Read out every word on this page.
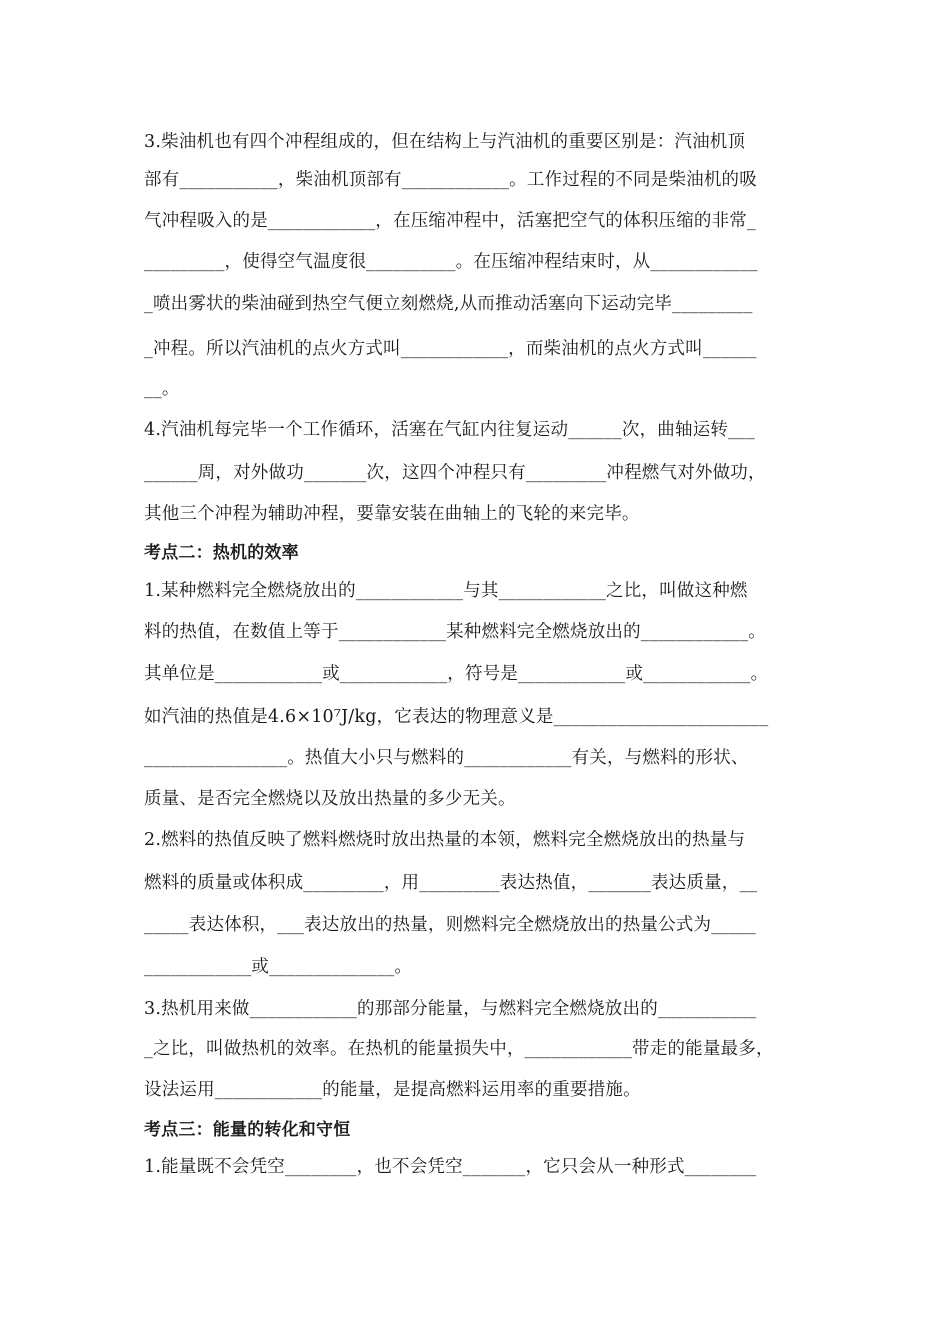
3.柴油机也有四个冲程组成的，但在结构上与汽油机的重要区别是：汽油机顶
部有___________，柴油机顶部有____________。工作过程的不同是柴油机的吸
气冲程吸入的是____________，在压缩冲程中，活塞把空气的体积压缩的非常_
_________，使得空气温度很__________。在压缩冲程结束时，从____________
_喷出雾状的柴油碰到热空气便立刻燃烧,从而推动活塞向下运动完毕_________
_冲程。所以汽油机的点火方式叫____________，而柴油机的点火方式叫______
__。
4.汽油机每完毕一个工作循环，活塞在气缸内往复运动______次，曲轴运转___
______周，对外做功_______次，这四个冲程只有_________冲程燃气对外做功，
其他三个冲程为辅助冲程，要靠安装在曲轴上的飞轮的来完毕。
考点二：热机的效率
1.某种燃料完全燃烧放出的____________与其____________之比，叫做这种燃
料的热值，在数值上等于____________某种燃料完全燃烧放出的____________。
其单位是____________或____________，符号是____________或____________。
如汽油的热值是4.6×10⁷J/kg，它表达的物理意义是________________________
________________。热值大小只与燃料的____________有关，与燃料的形状、
质量、是否完全燃烧以及放出热量的多少无关。
2.燃料的热值反映了燃料燃烧时放出热量的本领，燃料完全燃烧放出的热量与
燃料的质量或体积成_________，用_________表达热值，_______表达质量，__
_____表达体积，___表达放出的热量，则燃料完全燃烧放出的热量公式为_____
____________或______________。
3.热机用来做____________的那部分能量，与燃料完全燃烧放出的___________
_之比，叫做热机的效率。在热机的能量损失中，____________带走的能量最多，
设法运用____________的能量，是提高燃料运用率的重要措施。
考点三：能量的转化和守恒
1.能量既不会凭空________，也不会凭空_______，它只会从一种形式________
